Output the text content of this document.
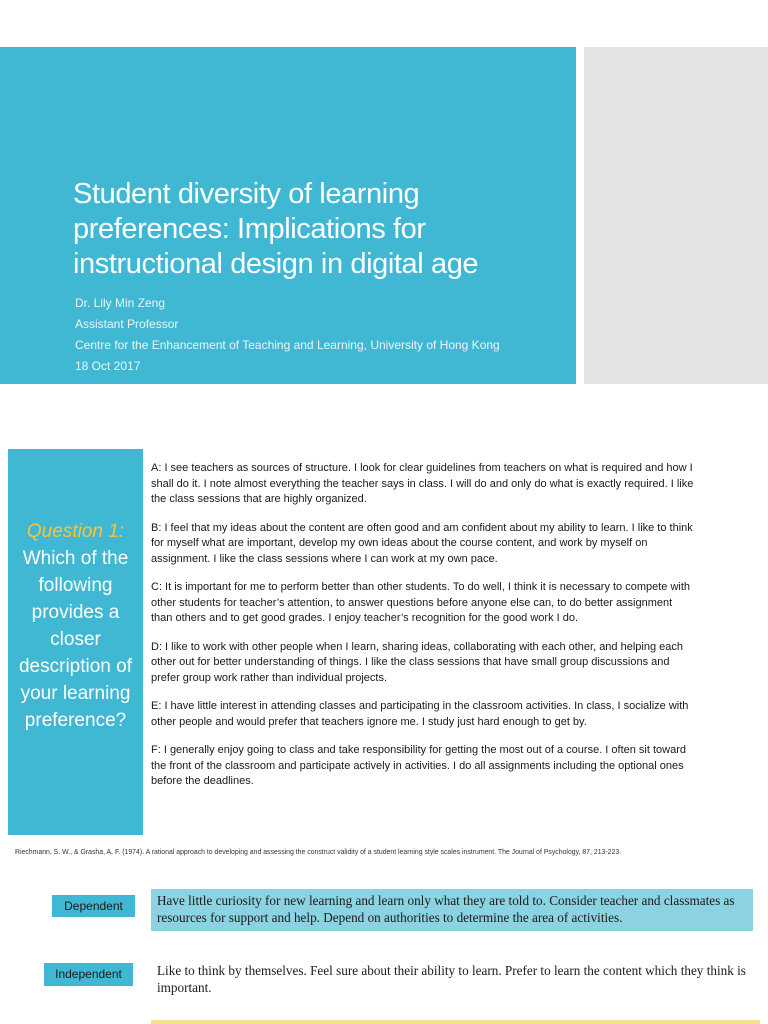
Student diversity of learning preferences: Implications for instructional design in digital age
Dr. Lily Min Zeng
Assistant Professor
Centre for the Enhancement of Teaching and Learning, University of Hong Kong
18 Oct 2017
Question 1:
Which of the following provides a closer description of your learning preference?

A: I see teachers as sources of structure. I look for clear guidelines from teachers on what is required and how I shall do it. I note almost everything the teacher says in class. I will do and only do what is exactly required. I like the class sessions that are highly organized.

B: I feel that my ideas about the content are often good and am confident about my ability to learn. I like to think for myself what are important, develop my own ideas about the course content, and work by myself on assignment. I like the class sessions where I can work at my own pace.

C: It is important for me to perform better than other students. To do well, I think it is necessary to compete with other students for teacher’s attention, to answer questions before anyone else can, to do better assignment than others and to get good grades. I enjoy teacher’s recognition for the good work I do.

D: I like to work with other people when I learn, sharing ideas, collaborating with each other, and helping each other out for better understanding of things. I like the class sessions that have small group discussions and prefer group work rather than individual projects.

E: I have little interest in attending classes and participating in the classroom activities. In class, I socialize with other people and would prefer that teachers ignore me. I study just hard enough to get by.

F: I generally enjoy going to class and take responsibility for getting the most out of a course. I often sit toward the front of the classroom and participate actively in activities. I do all assignments including the optional ones before the deadlines.

Riechmann, S. W., & Grasha, A. F. (1974). A rational approach to developing and assessing the construct validity of a student learning style scales instrument. The Journal of Psychology, 87, 213-223.
Dependent	Have little curiosity for new learning and learn only what they are told to. Consider teacher and classmates as resources for support and help. Depend on authorities to determine the area of activities.
Independent	Like to think by themselves. Feel sure about their ability to learn. Prefer to learn the content which they think is important.
